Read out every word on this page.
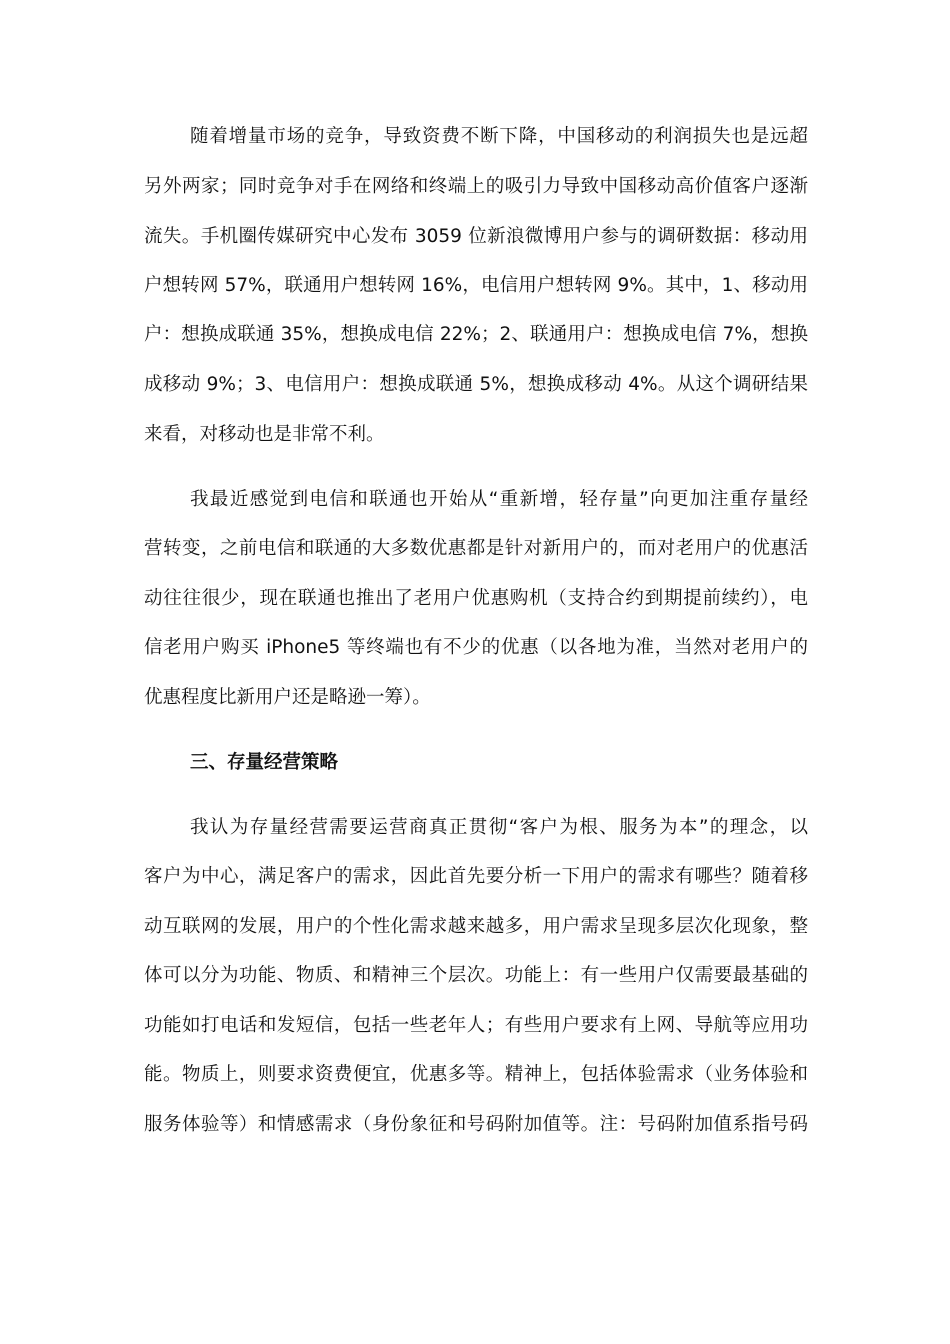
随着增量市场的竞争，导致资费不断下降，中国移动的利润损失也是远超
另外两家；同时竞争对手在网络和终端上的吸引力导致中国移动高价值客户逐渐
流失。手机圈传媒研究中心发布 3059 位新浪微博用户参与的调研数据：移动用
户想转网 57%，联通用户想转网 16%，电信用户想转网 9%。其中，1、移动用
户：想换成联通 35%，想换成电信 22%；2、联通用户：想换成电信 7%，想换
成移动 9%；3、电信用户：想换成联通 5%，想换成移动 4%。从这个调研结果
来看，对移动也是非常不利。
我最近感觉到电信和联通也开始从“重新增，轻存量”向更加注重存量经
营转变，之前电信和联通的大多数优惠都是针对新用户的，而对老用户的优惠活
动往往很少，现在联通也推出了老用户优惠购机（支持合约到期提前续约），电
信老用户购买 iPhone5 等终端也有不少的优惠（以各地为准，当然对老用户的
优惠程度比新用户还是略逊一筹）。
三、存量经营策略
我认为存量经营需要运营商真正贯彻“客户为根、服务为本”的理念，以
客户为中心，满足客户的需求，因此首先要分析一下用户的需求有哪些？随着移
动互联网的发展，用户的个性化需求越来越多，用户需求呈现多层次化现象，整
体可以分为功能、物质、和精神三个层次。功能上：有一些用户仅需要最基础的
功能如打电话和发短信，包括一些老年人；有些用户要求有上网、导航等应用功
能。物质上，则要求资费便宜，优惠多等。精神上，包括体验需求（业务体验和
服务体验等）和情感需求（身份象征和号码附加值等。注：号码附加值系指号码
